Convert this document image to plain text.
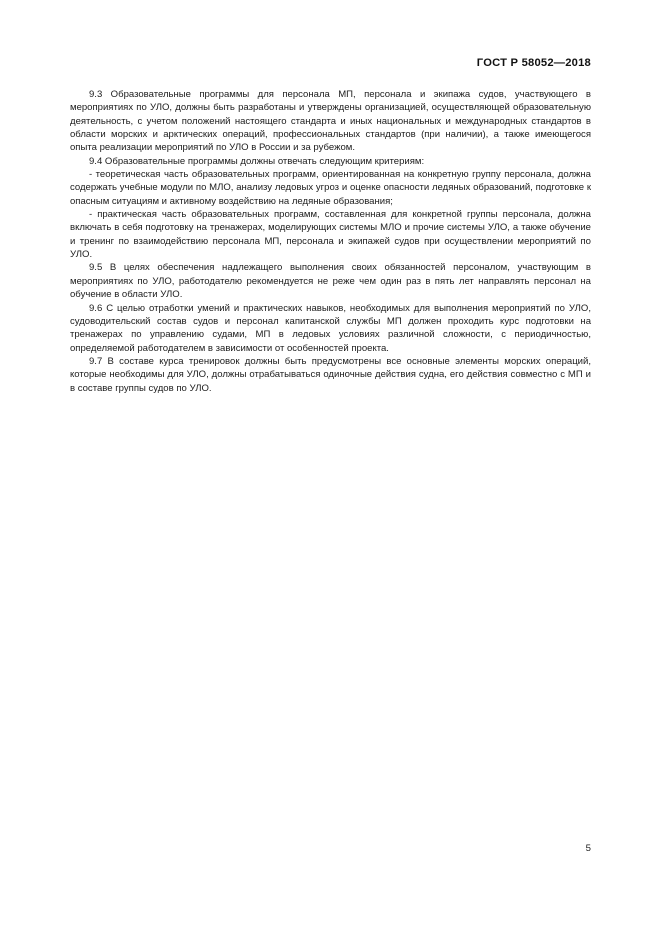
ГОСТ Р 58052—2018

9.3 Образовательные программы для персонала МП, персонала и экипажа судов, участвующего в мероприятиях по УЛО, должны быть разработаны и утверждены организацией, осуществляющей образовательную деятельность, с учетом положений настоящего стандарта и иных национальных и международных стандартов в области морских и арктических операций, профессиональных стандартов (при наличии), а также имеющегося опыта реализации мероприятий по УЛО в России и за рубежом.

9.4 Образовательные программы должны отвечать следующим критериям:

- теоретическая часть образовательных программ, ориентированная на конкретную группу персонала, должна содержать учебные модули по МЛО, анализу ледовых угроз и оценке опасности ледяных образований, подготовке к опасным ситуациям и активному воздействию на ледяные образования;

- практическая часть образовательных программ, составленная для конкретной группы персонала, должна включать в себя подготовку на тренажерах, моделирующих системы МЛО и прочие системы УЛО, а также обучение и тренинг по взаимодействию персонала МП, персонала и экипажей судов при осуществлении мероприятий по УЛО.

9.5 В целях обеспечения надлежащего выполнения своих обязанностей персоналом, участвующим в мероприятиях по УЛО, работодателю рекомендуется не реже чем один раз в пять лет направлять персонал на обучение в области УЛО.

9.6 С целью отработки умений и практических навыков, необходимых для выполнения мероприятий по УЛО, судоводительский состав судов и персонал капитанской службы МП должен проходить курс подготовки на тренажерах по управлению судами, МП в ледовых условиях различной сложности, с периодичностью, определяемой работодателем в зависимости от особенностей проекта.

9.7 В составе курса тренировок должны быть предусмотрены все основные элементы морских операций, которые необходимы для УЛО, должны отрабатываться одиночные действия судна, его действия совместно с МП и в составе группы судов по УЛО.

5
